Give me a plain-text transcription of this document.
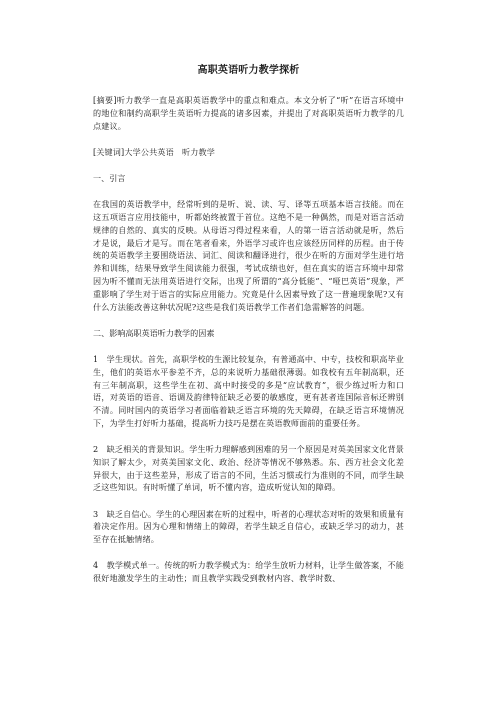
高职英语听力教学探析

[摘要]听力教学一直是高职英语教学中的重点和难点。本文分析了“听”在语言环境中的地位和制约高职学生英语听力提高的诸多因素，并提出了对高职英语听力教学的几点建议。

[关键词]大学公共英语　听力教学

一、引言

在我国的英语教学中，经常听到的是听、说、读、写、译等五项基本语言技能。而在这五项语言应用技能中，听都始终被置于首位。这绝不是一种偶然，而是对语言活动规律的自然的、真实的反映。从母语习得过程来看，人的第一语言活动就是听，然后才是说，最后才是写。而在笔者看来，外语学习或许也应该经历同样的历程。由于传统的英语教学主要围绕语法、词汇、阅读和翻译进行，很少在听的方面对学生进行培养和训练，结果导致学生阅读能力很强，考试成绩也好，但在真实的语言环境中却常因为听不懂而无法用英语进行交际，出现了所谓的“高分低能”、“哑巴英语”现象，严重影响了学生对于语言的实际应用能力。究竟是什么因素导致了这一普遍现象呢?又有什么方法能改善这种状况呢?这些是我们英语教学工作者们急需解答的问题。

二、影响高职英语听力教学的因素

1　学生现状。首先，高职学校的生源比较复杂，有普通高中、中专，技校和职高毕业生，他们的英语水平参差不齐，总的来说听力基础很薄弱。如我校有五年制高职，还有三年制高职，这些学生在初、高中时接受的多是“应试教育”，很少练过听力和口语，对英语的语音、语调及韵律特征缺乏必要的敏感度，更有甚者连国际音标还辨别不清。同时国内的英语学习者面临着缺乏语言环境的先天障碍，在缺乏语言环境情况下，为学生打好听力基础，提高听力技巧是摆在英语教师面前的重要任务。

2　缺乏相关的背景知识。学生听力理解感到困难的另一个原因是对英美国家文化背景知识了解太少，对英美国家文化、政治、经济等情况不够熟悉。东、西方社会文化差异很大，由于这些差异，形成了语言的不同，生活习惯或行为准则的不同，而学生缺乏这些知识。有时听懂了单词，听不懂内容，造成听觉认知的障碍。

3　缺乏自信心。学生的心理因素在听的过程中，听者的心理状态对听的效果和质量有着决定作用。因为心理和情绪上的障碍，若学生缺乏自信心，或缺乏学习的动力，甚至存在抵触情绪。

4　教学模式单一。传统的听力教学模式为：给学生放听力材料，让学生做答案，不能很好地激发学生的主动性；而且教学实践受到教材内容、教学时数、
